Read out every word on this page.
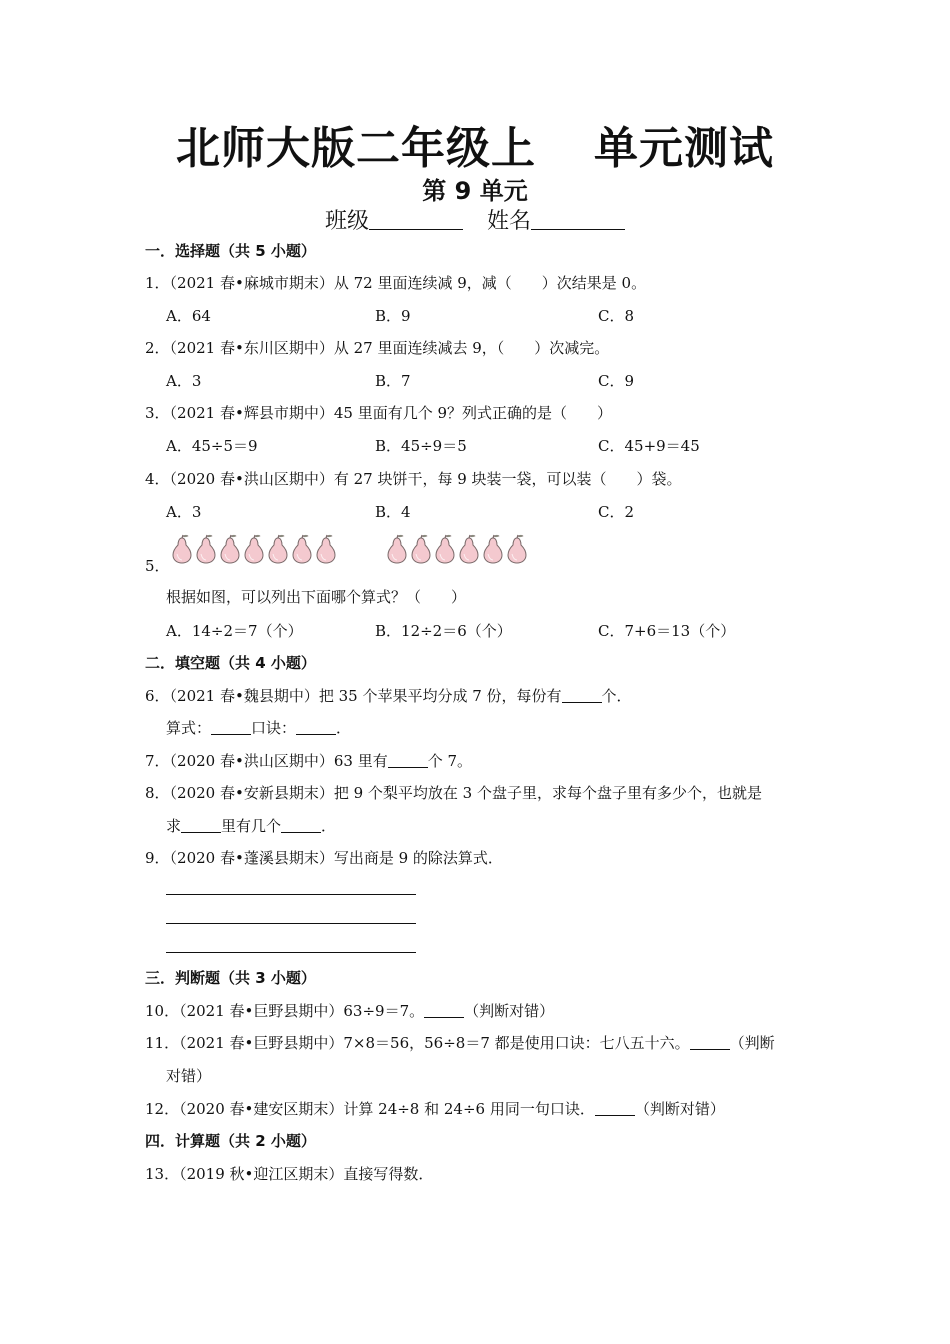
北师大版二年级上 单元测试
第 9 单元
班级	姓名
一．选择题（共 5 小题）
1．（2021 春•麻城市期末）从 72 里面连续减 9，减（　　）次结果是 0。
A．64	B．9	C．8
2．（2021 春•东川区期中）从 27 里面连续减去 9，（　　）次减完。
A．3	B．7	C．9
3．（2021 春•辉县市期中）45 里面有几个 9？列式正确的是（　　）
A．45÷5＝9	B．45÷9＝5	C．45+9＝45
4．（2020 春•洪山区期中）有 27 块饼干，每 9 块装一袋，可以装（　　）袋。
A．3	B．4	C．2
5．
根据如图，可以列出下面哪个算式？（　　）
A．14÷2＝7（个）	B．12÷2＝6（个）	C．7+6＝13（个）
二．填空题（共 4 小题）
6．（2021 春•魏县期中）把 35 个苹果平均分成 7 份，每份有	个．
算式：	口诀：	．
7．（2020 春•洪山区期中）63 里有	个 7。
8．（2020 春•安新县期末）把 9 个梨平均放在 3 个盘子里，求每个盘子里有多少个，也就是
求	里有几个	．
9．（2020 春•蓬溪县期末）写出商是 9 的除法算式．
三．判断题（共 3 小题）
10．（2021 春•巨野县期中）63÷9＝7。	（判断对错）
11．（2021 春•巨野县期中）7×8＝56，56÷8＝7 都是使用口诀：七八五十六。	（判断
对错）
12．（2020 春•建安区期末）计算 24÷8 和 24÷6 用同一句口诀．	（判断对错）
四．计算题（共 2 小题）
13．（2019 秋•迎江区期末）直接写得数．
